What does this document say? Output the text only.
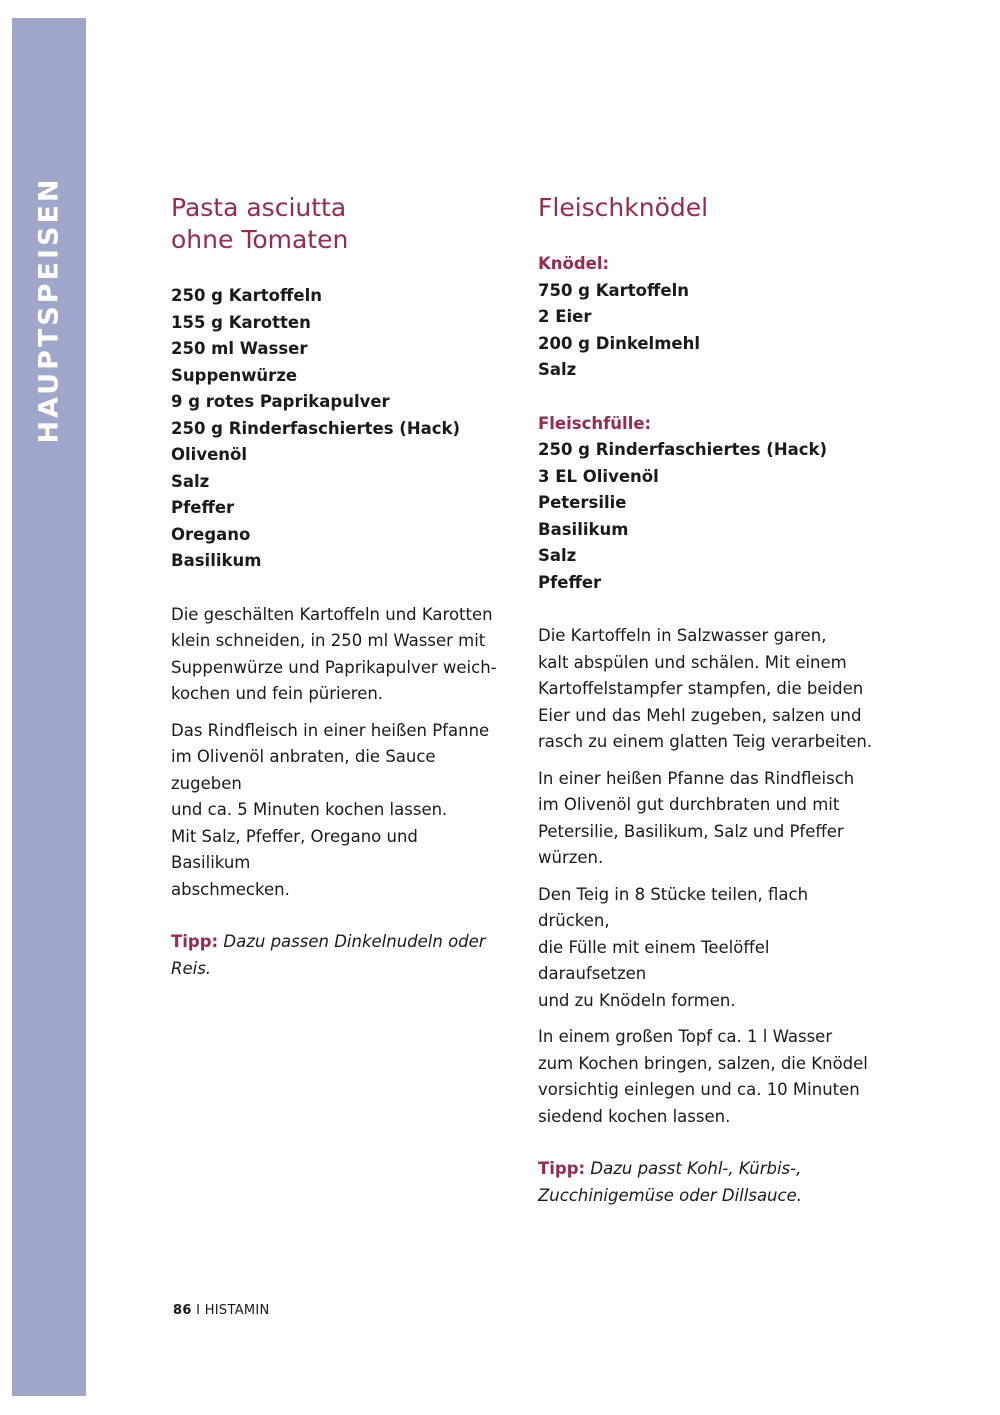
HAUPTSPEISEN	Pasta asciutta
ohne Tomaten
250 g Kartoffeln
155 g Karotten
250 ml Wasser
Suppenwürze
9 g rotes Paprikapulver
250 g Rinderfaschiertes (Hack)
Olivenöl
Salz
Pfeffer
Oregano
Basilikum

Die geschälten Kartoffeln und Karotten
klein schneiden, in 250 ml Wasser mit
Suppenwürze und Paprikapulver weich-
kochen und fein pürieren.

Das Rindfleisch in einer heißen Pfanne
im Olivenöl anbraten, die Sauce zugeben
und ca. 5 Minuten kochen lassen.
Mit Salz, Pfeffer, Oregano und Basilikum
abschmecken.

Tipp: Dazu passen Dinkelnudeln oder Reis.

Fleischknödel

Knödel:

750 g Kartoffeln
2 Eier
200 g Dinkelmehl
Salz

Fleischfülle:

250 g Rinderfaschiertes (Hack)
3 EL Olivenöl
Petersilie
Basilikum
Salz
Pfeffer

Die Kartoffeln in Salzwasser garen,
kalt abspülen und schälen. Mit einem
Kartoffelstampfer stampfen, die beiden
Eier und das Mehl zugeben, salzen und
rasch zu einem glatten Teig verarbeiten.

In einer heißen Pfanne das Rindfleisch
im Olivenöl gut durchbraten und mit
Petersilie, Basilikum, Salz und Pfeffer
würzen.

Den Teig in 8 Stücke teilen, flach drücken,
die Fülle mit einem Teelöffel daraufsetzen
und zu Knödeln formen.

In einem großen Topf ca. 1 l Wasser
zum Kochen bringen, salzen, die Knödel
vorsichtig einlegen und ca. 10 Minuten
siedend kochen lassen.

Tipp: Dazu passt Kohl-, Kürbis-,
Zucchinigemüse oder Dillsauce.

86 I HISTAMIN
